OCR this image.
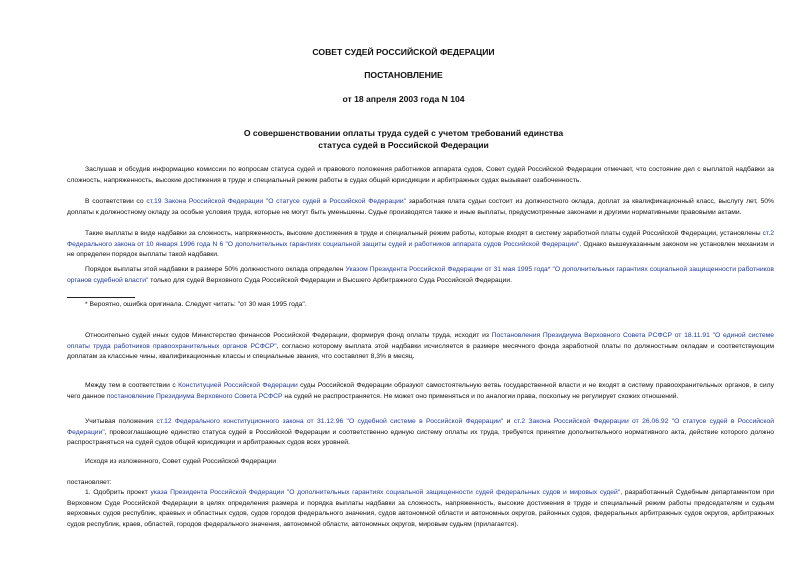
СОВЕТ СУДЕЙ РОССИЙСКОЙ ФЕДЕРАЦИИ
ПОСТАНОВЛЕНИЕ
от 18 апреля 2003 года N 104
О совершенствовании оплаты труда судей с учетом требований единства
статуса судей в Российской Федерации
Заслушав и обсудив информацию комиссии по вопросам статуса судей и правового положения работников аппарата судов, Совет судей Российской Федерации отмечает, что состояние дел с выплатой надбавки за сложность, напряженность, высокие достижения в труде и специальный режим работы в судах общей юрисдикции и арбитражных судах вызывает озабоченность.
В соответствии со ст.19 Закона Российской Федерации "О статусе судей в Российской Федерации" заработная плата судьи состоит из должностного оклада, доплат за квалификационный класс, выслугу лет, 50% доплаты к должностному окладу за особые условия труда, которые не могут быть уменьшены. Судье производятся также и иные выплаты, предусмотренные законами и другими нормативными правовыми актами.
Такие выплаты в виде надбавки за сложность, напряженность, высокие достижения в труде и специальный режим работы, которые входят в систему заработной платы судей Российской Федерации, установлены ст.2 Федерального закона от 10 января 1996 года N 6 "О дополнительных гарантиях социальной защиты судей и работников аппарата судов Российской Федерации". Однако вышеуказанным законом не установлен механизм и не определен порядок выплаты такой надбавки.
Порядок выплаты этой надбавки в размере 50% должностного оклада определен Указом Президента Российской Федерации от 31 мая 1995 года* "О дополнительных гарантиях социальной защищенности работников органов судебной власти" только для судей Верховного Суда Российской Федерации и Высшего Арбитражного Суда Российской Федерации.
* Вероятно, ошибка оригинала. Следует читать: "от 30 мая 1995 года".
Относительно судей иных судов Министерство финансов Российской Федерации, формируя фонд оплаты труда, исходит из Постановления Президиума Верховного Совета РСФСР от 18.11.91 "О единой системе оплаты труда работников правоохранительных органов РСФСР", согласно которому выплата этой надбавки исчисляется в размере месячного фонда заработной платы по должностным окладам и соответствующим доплатам за классные чины, квалификационные классы и специальные звания, что составляет 8,3% в месяц.
Между тем в соответствии с Конституцией Российской Федерации суды Российской Федерации образуют самостоятельную ветвь государственной власти и не входят в систему правоохранительных органов, в силу чего данное постановление Президиума Верховного Совета РСФСР на судей не распространяется. Не может оно применяться и по аналогии права, поскольку не регулирует схожих отношений.
Учитывая положения ст.12 Федерального конституционного закона от 31.12.96 "О судебной системе в Российской Федерации" и ст.2 Закона Российской Федерации от 26.06.92 "О статусе судей в Российской Федерации", провозглашающие единство статуса судей в Российской Федерации и соответственно единую систему оплаты их труда, требуется принятие дополнительного нормативного акта, действие которого должно распространяться на судей судов общей юрисдикции и арбитражных судов всех уровней.
Исходя из изложенного, Совет судей Российской Федерации
постановляет:
1. Одобрить проект указа Президента Российской Федерации "О дополнительных гарантиях социальной защищенности судей федеральных судов и мировых судей", разработанный Судебным департаментом при Верховном Суде Российской Федерации в целях определения размера и порядка выплаты надбавки за сложность, напряженность, высокие достижения в труде и специальный режим работы председателям и судьям верховных судов республик, краевых и областных судов, судов городов федерального значения, судов автономной области и автономных округов, районных судов, федеральных арбитражных судов округов, арбитражных судов республик, краев, областей, городов федерального значения, автономной области, автономных округов, мировым судьям (прилагается).
